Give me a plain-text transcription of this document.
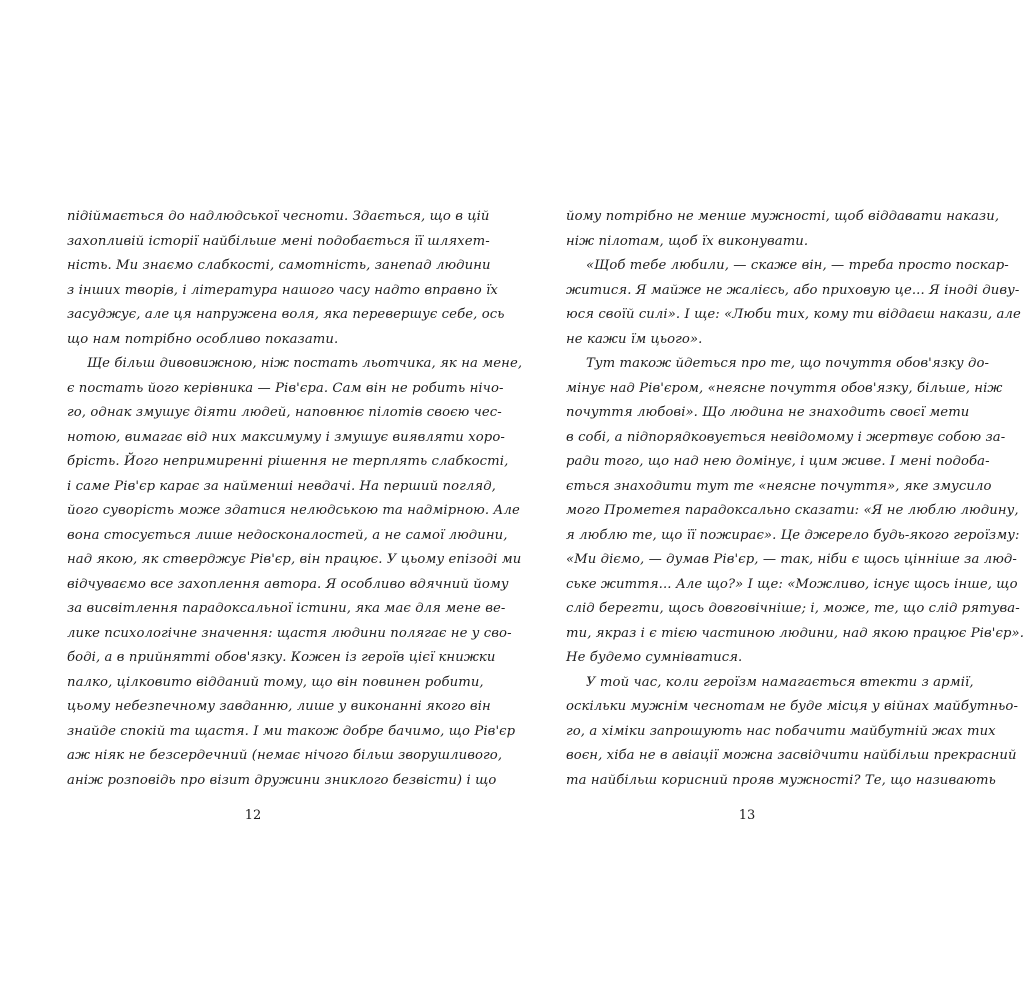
підіймається до надлюдської чесноти. Здається, що в цій
захопливій історії найбільше мені подобається її шляхет-
ність. Ми знаємо слабкості, самотність, занепад людини
з інших творів, і література нашого часу надто вправно їх
засуджує, але ця напружена воля, яка перевершує себе, ось
що нам потрібно особливо показати.
Ще більш дивовижною, ніж постать льотчика, як на мене,
є постать його керівника — Рів'єра. Сам він не робить нічо-
го, однак змушує діяти людей, наповнює пілотів своєю чес-
нотою, вимагає від них максимуму і змушує виявляти хоро-
брість. Його непримиренні рішення не терплять слабкості,
і саме Рів'єр карає за найменші невдачі. На перший погляд,
його суворість може здатися нелюдською та надмірною. Але
вона стосується лише недосконалостей, а не самої людини,
над якою, як стверджує Рів'єр, він працює. У цьому епізоді ми
відчуваємо все захоплення автора. Я особливо вдячний йому
за висвітлення парадоксальної істини, яка має для мене ве-
лике психологічне значення: щастя людини полягає не у сво-
боді, а в прийнятті обов'язку. Кожен із героїв цієї книжки
палко, цілковито відданий тому, що він повинен робити,
цьому небезпечному завданню, лише у виконанні якого він
знайде спокій та щастя. І ми також добре бачимо, що Рів'єр
аж ніяк не безсердечний (немає нічого більш зворушливого,
аніж розповідь про візит дружини зниклого безвісти) і що
12
йому потрібно не менше мужності, щоб віддавати накази,
ніж пілотам, щоб їх виконувати.
«Щоб тебе любили, — скаже він, — треба просто поскар-
житися. Я майже не жалієсь, або приховую це... Я іноді диву-
юся своїй силі». І ще: «Люби тих, кому ти віддаєш накази, але
не кажи їм цього».
Тут також йдеться про те, що почуття обов'язку до-
мінує над Рів'єром, «неясне почуття обов'язку, більше, ніж
почуття любові». Що людина не знаходить своєї мети
в собі, а підпорядковується невідомому і жертвує собою за-
ради того, що над нею домінує, і цим живе. І мені подоба-
ється знаходити тут те «неясне почуття», яке змусило
мого Прометея парадоксально сказати: «Я не люблю людину,
я люблю те, що її пожирає». Це джерело будь-якого героїзму:
«Ми діємо, — думав Рів'єр, — так, ніби є щось цінніше за люд-
ське життя... Але що?» І ще: «Можливо, існує щось інше, що
слід берегти, щось довговічніше; і, може, те, що слід рятува-
ти, якраз і є тією частиною людини, над якою працює Рів'єр».
Не будемо сумніватися.
У той час, коли героїзм намагається втекти з армії,
оскільки мужнім чеснотам не буде місця у війнах майбутньо-
го, а хіміки запрошують нас побачити майбутній жах тих
воєн, хіба не в авіації можна засвідчити найбільш прекрасний
та найбільш корисний прояв мужності? Те, що називають
13
